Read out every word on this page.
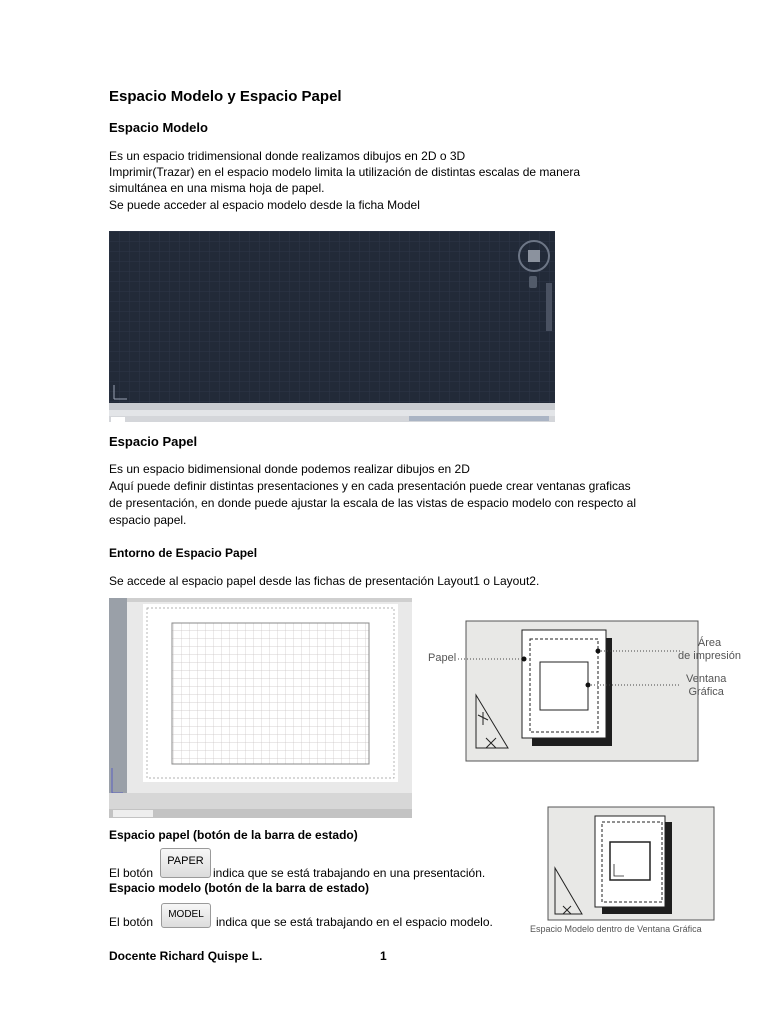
Espacio Modelo y Espacio Papel
Espacio Modelo
Es un espacio tridimensional donde realizamos dibujos en 2D o 3D
Imprimir(Trazar) en el espacio modelo limita la utilización de distintas escalas de manera
simultánea en una misma hoja de papel.
Se puede acceder al espacio modelo desde la ficha Model
Espacio Papel
Es un espacio bidimensional donde podemos realizar dibujos en 2D
Aquí puede definir distintas presentaciones y en cada presentación puede crear ventanas graficas
de presentación, en donde puede ajustar la escala de las vistas de espacio modelo con respecto al
espacio papel.
Entorno de Espacio Papel
Se accede al espacio papel desde las fichas de presentación Layout1 o Layout2.
Papel
Área
de impresión
Ventana
Gráfica
Espacio Modelo dentro de Ventana Gráfica
Espacio papel (botón de la barra de estado)
El botón
PAPER
indica que se está trabajando en una presentación.
Espacio modelo (botón de la barra de estado)
El botón
MODEL
indica que se está trabajando en el espacio modelo.
Docente Richard Quispe L.	1
